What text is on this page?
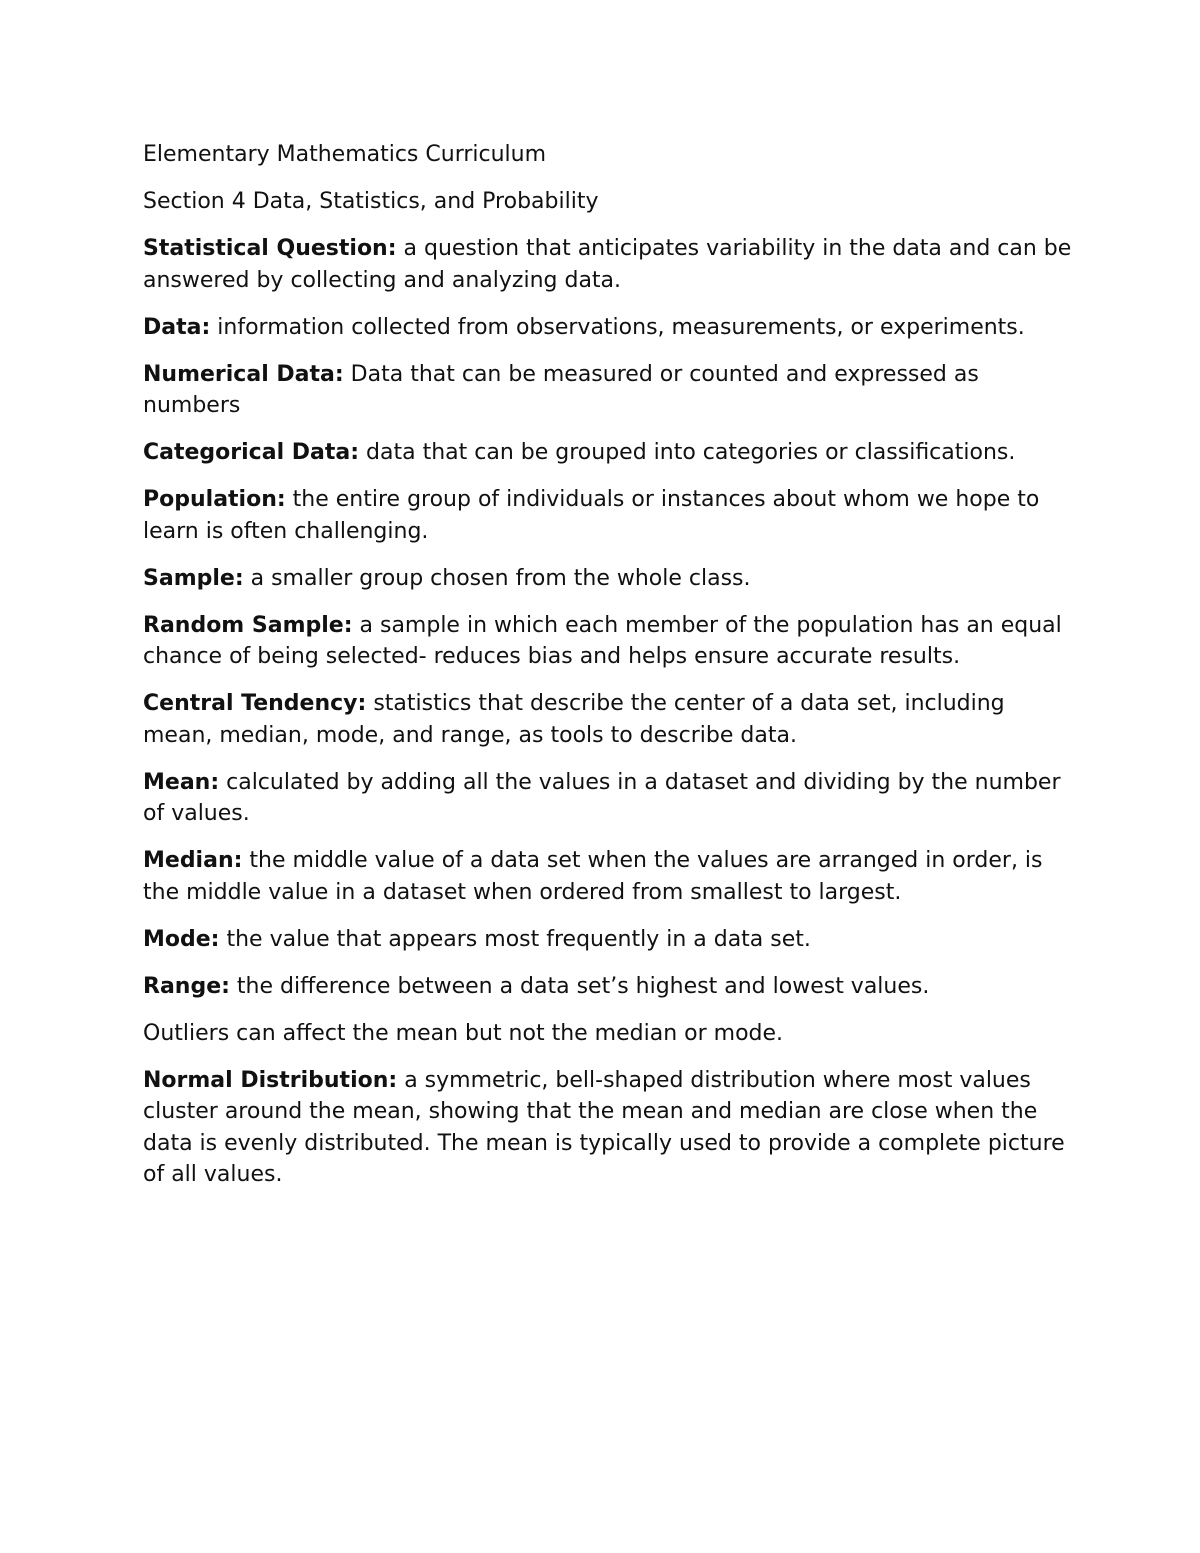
Elementary Mathematics Curriculum

Section 4 Data, Statistics, and Probability

Statistical Question: a question that anticipates variability in the data and can be answered by collecting and analyzing data.

Data: information collected from observations, measurements, or experiments.

Numerical Data: Data that can be measured or counted and expressed as numbers

Categorical Data: data that can be grouped into categories or classifications.

Population: the entire group of individuals or instances about whom we hope to learn is often challenging.

Sample: a smaller group chosen from the whole class.

Random Sample: a sample in which each member of the population has an equal chance of being selected- reduces bias and helps ensure accurate results.

Central Tendency: statistics that describe the center of a data set, including mean, median, mode, and range, as tools to describe data.

Mean: calculated by adding all the values in a dataset and dividing by the number of values.

Median: the middle value of a data set when the values are arranged in order, is the middle value in a dataset when ordered from smallest to largest.

Mode: the value that appears most frequently in a data set.

Range: the difference between a data set’s highest and lowest values.

Outliers can affect the mean but not the median or mode.

Normal Distribution: a symmetric, bell-shaped distribution where most values cluster around the mean, showing that the mean and median are close when the data is evenly distributed. The mean is typically used to provide a complete picture of all values.
